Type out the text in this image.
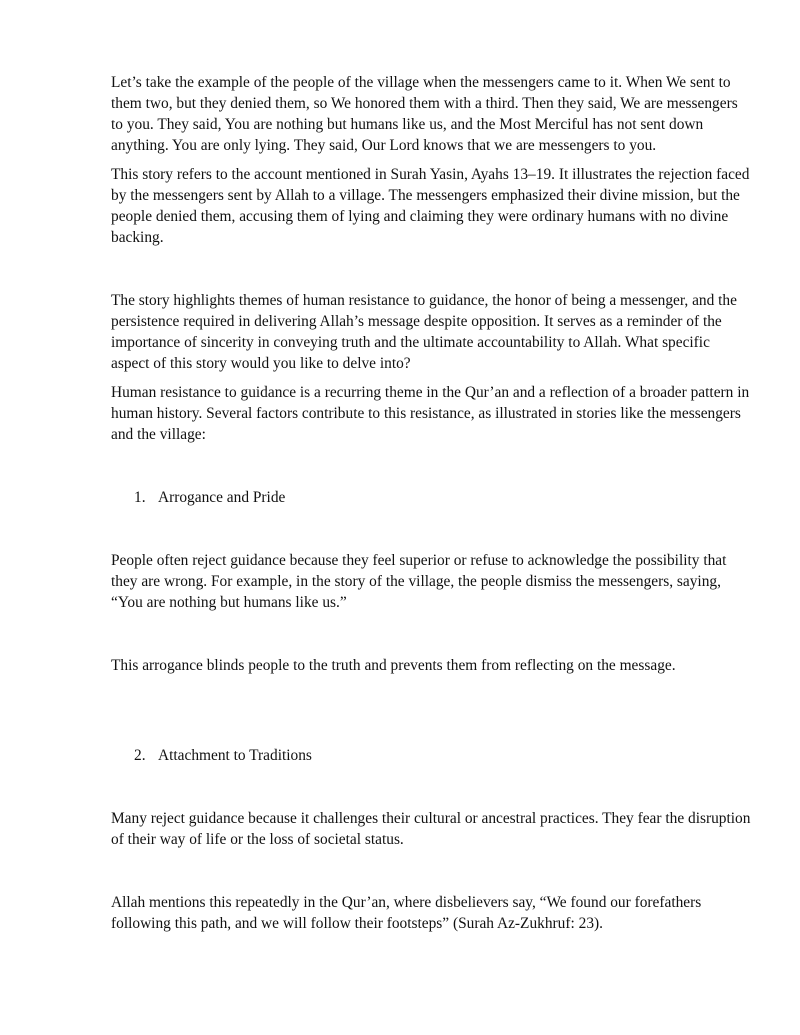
Let’s take the example of the people of the village when the messengers came to it. When We sent to them two, but they denied them, so We honored them with a third. Then they said, We are messengers to you. They said, You are nothing but humans like us, and the Most Merciful has not sent down anything. You are only lying. They said, Our Lord knows that we are messengers to you.

This story refers to the account mentioned in Surah Yasin, Ayahs 13–19. It illustrates the rejection faced by the messengers sent by Allah to a village. The messengers emphasized their divine mission, but the people denied them, accusing them of lying and claiming they were ordinary humans with no divine backing.

The story highlights themes of human resistance to guidance, the honor of being a messenger, and the persistence required in delivering Allah’s message despite opposition. It serves as a reminder of the importance of sincerity in conveying truth and the ultimate accountability to Allah. What specific aspect of this story would you like to delve into?

Human resistance to guidance is a recurring theme in the Qur’an and a reflection of a broader pattern in human history. Several factors contribute to this resistance, as illustrated in stories like the messengers and the village:

1. Arrogance and Pride

People often reject guidance because they feel superior or refuse to acknowledge the possibility that they are wrong. For example, in the story of the village, the people dismiss the messengers, saying, “You are nothing but humans like us.”

This arrogance blinds people to the truth and prevents them from reflecting on the message.

2. Attachment to Traditions

Many reject guidance because it challenges their cultural or ancestral practices. They fear the disruption of their way of life or the loss of societal status.

Allah mentions this repeatedly in the Qur’an, where disbelievers say, “We found our forefathers following this path, and we will follow their footsteps” (Surah Az-Zukhruf: 23).
